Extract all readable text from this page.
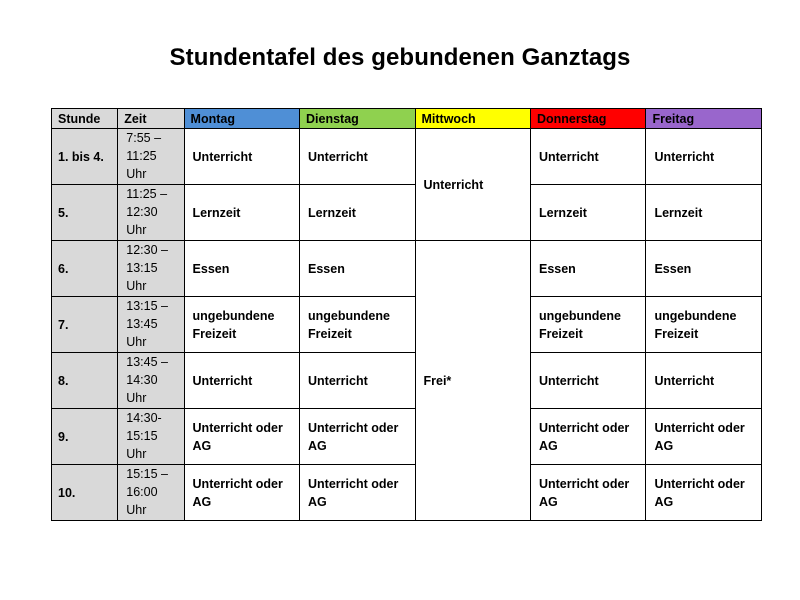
Stundentafel des gebundenen Ganztags
Stunde	Zeit	Montag	Dienstag	Mittwoch	Donnerstag	Freitag
1. bis 4.	7:55 –
11:25
Uhr	Unterricht	Unterricht	Unterricht	Unterricht	Unterricht
5.	11:25 –
12:30
Uhr	Lernzeit	Lernzeit		Lernzeit	Lernzeit
6.	12:30 –
13:15
Uhr	Essen	Essen	Frei*	Essen	Essen
7.	13:15 –
13:45
Uhr	ungebundene Freizeit	ungebundene Freizeit		ungebundene Freizeit	ungebundene Freizeit
8.	13:45 –
14:30
Uhr	Unterricht	Unterricht		Unterricht	Unterricht
9.	14:30-
15:15
Uhr	Unterricht oder AG	Unterricht oder AG		Unterricht oder AG	Unterricht oder AG
10.	15:15 –
16:00
Uhr	Unterricht oder AG	Unterricht oder AG		Unterricht oder AG	Unterricht oder AG
